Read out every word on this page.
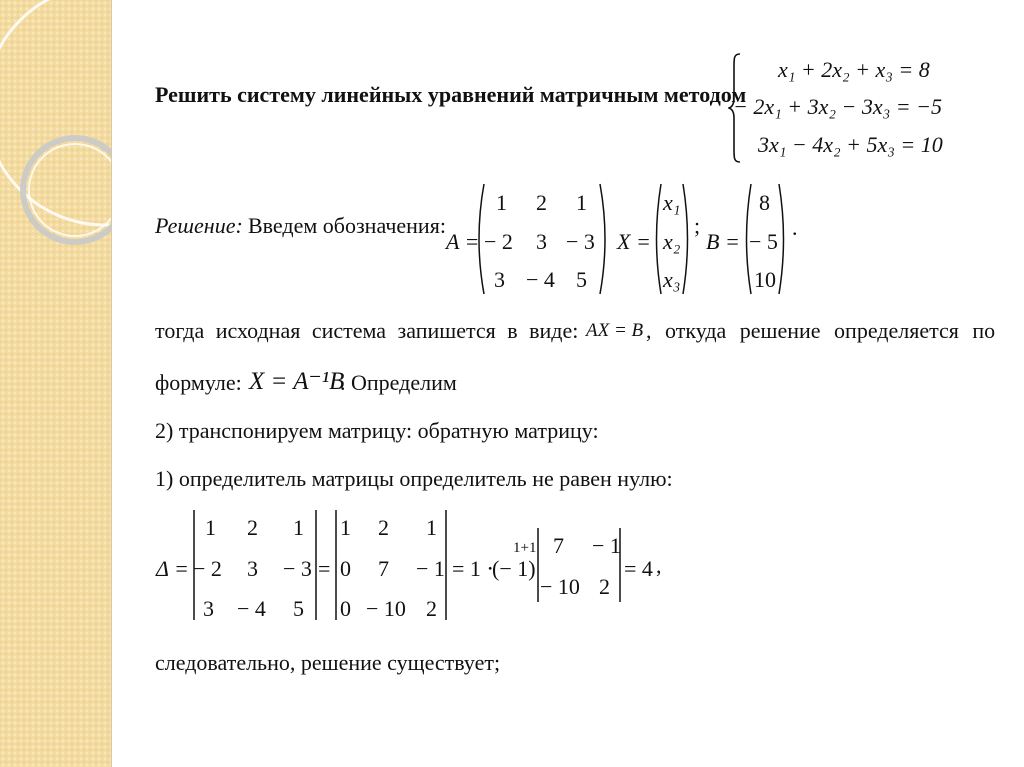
Решить систему линейных уравнений матричным методом
x₁ + 2x₂ + x₃ = 8
− 2x₁ + 3x₂ − 3x₃ = −5
3x₁ − 4x₂ + 5x₃ = 10
Решение: Введем обозначения:
A =
1 2 1
− 2 3 − 3
3 − 4 5
X =
x₁
x₂
x₃
;
B =
8
− 5
10
.
тогда исходная система запишется в виде: AX = B , откуда решение определяется по
формуле: X = A⁻¹B
. Определим
2) транспонируем матрицу: обратную матрицу:
1) определитель матрицы определитель не равен нулю:
Δ =
1 2 1
− 2 3 − 3
3 − 4 5
=
1 2 1
0 7 − 1
0 − 10 2
= 1 ⋅
(− 1)
1+1 7 − 1
− 10 2
= 4 ,
следовательно, решение существует;
